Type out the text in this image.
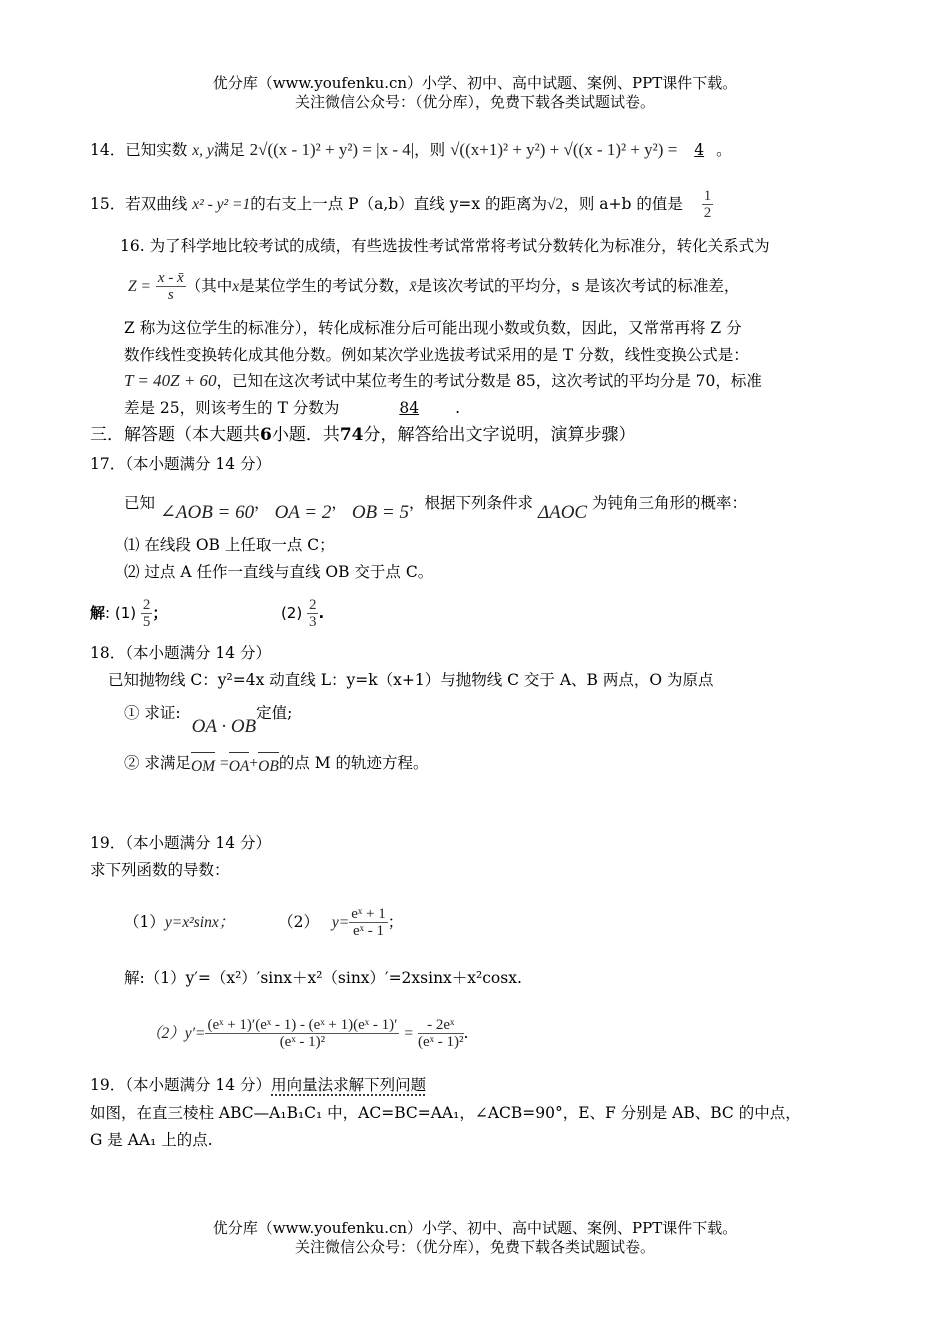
优分库（www.youfenku.cn）小学、初中、高中试题、案例、PPT课件下载。
关注微信公众号：（优分库），免费下载各类试题试卷。
14．已知实数 x, y满足 2√((x - 1)² + y²) = |x - 4|，则 √((x+1)² + y²) + √((x - 1)² + y²) = 4 。
15．若双曲线 x² - y² =1的右支上一点 P（a,b）直线 y=x 的距离为√2，则 a+b 的值是 $\frac{1}{2}$
16. 为了科学地比较考试的成绩，有些选拔性考试常常将考试分数转化为标准分，转化关系式为
$Z = \frac{x - x̄}{s}$ （其中x是某位学生的考试分数，x̄是该次考试的平均分，s 是该次考试的标准差，
Z 称为这位学生的标准分），转化成标准分后可能出现小数或负数，因此，又常常再将 Z 分
数作线性变换转化成其他分数。例如某次学业选拔考试采用的是 T 分数，线性变换公式是：
T = 40Z + 60，已知在这次考试中某位考生的考试分数是 85，这次考试的平均分是 70，标准
差是 25，则该考生的 T 分数为	84 .
三．解答题（本大题共6小题．共74分，解答给出文字说明，演算步骤）
17．（本小题满分 14 分）
已知 ∠AOB = 60， OA = 2， OB = 5，根据下列条件求 ΔAOC 为钝角三角形的概率：
⑴ 在线段 OB 上任取一点 C；
⑵ 过点 A 任作一直线与直线 OB 交于点 C。
解: $(1) \frac{2}{5}$ ；	$(2) \frac{2}{3}$ .
18．（本小题满分 14 分）
已知抛物线 C：y²=4x 动直线 L：y=k（x+1）与抛物线 C 交于 A、B 两点，O 为原点
① 求证: OA · OB定值;
② 求满足OM =OA+OB的点 M 的轨迹方程。
19．（本小题满分 14 分）
求下列函数的导数：
（1）y=x²sinx；	（2） $y= \frac{\text{eˣ + 1}}{\text{eˣ - 1}}$ ；
解:（1）y′=（x²）′sinx＋x²（sinx）′=2xsinx＋x²cosx.
$(2)y'= \frac{\text{(eˣ + 1)′(eˣ - 1) - (eˣ + 1)(eˣ - 1)′}}{\text{(eˣ - 1)²}} = \frac{\text{- 2eˣ}}{\text{(eˣ - 1)²}}$ .
19．（本小题满分 14 分）用向量法求解下列问题
如图，在直三棱柱 ABC—A₁B₁C₁ 中，AC=BC=AA₁，∠ACB=90°，E、F 分别是 AB、BC 的中点，
G 是 AA₁ 上的点.
优分库（www.youfenku.cn）小学、初中、高中试题、案例、PPT课件下载。
关注微信公众号：（优分库），免费下载各类试题试卷。
